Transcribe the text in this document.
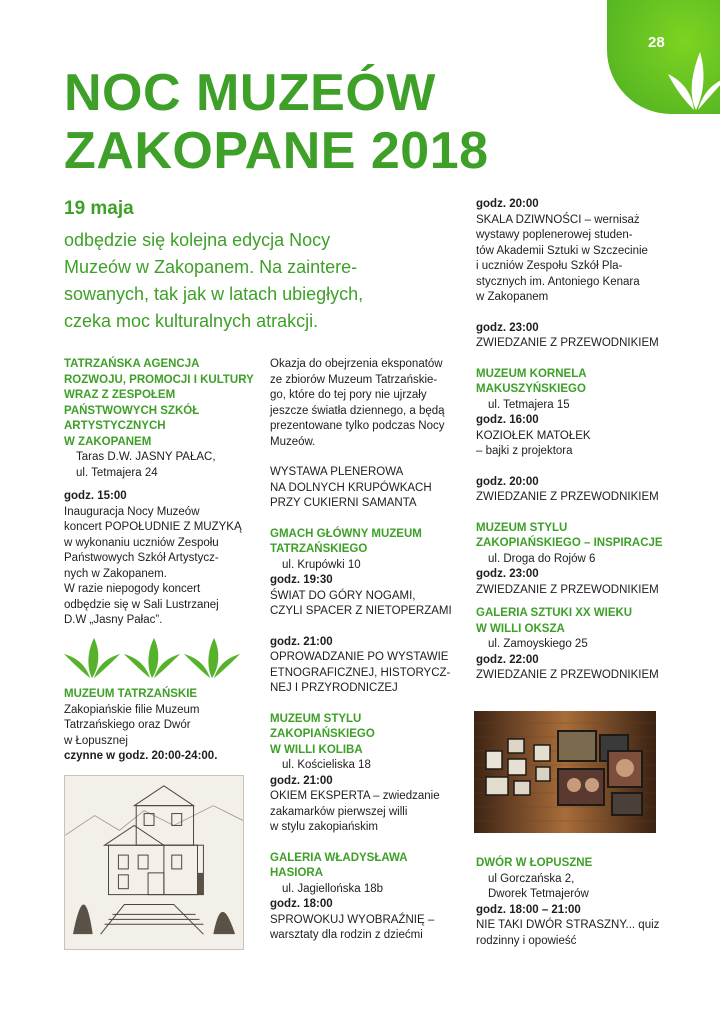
28
NOC MUZEÓW
ZAKOPANE 2018
19 maja
odbędzie się kolejna edycja Nocy
Muzeów w Zakopanem. Na zaintere-
sowanych, tak jak w latach ubiegłych,
czeka moc kulturalnych atrakcji.
TATRZAŃSKA AGENCJA
ROZWOJU, PROMOCJI I KULTURY
WRAZ Z ZESPOŁEM
PAŃSTWOWYCH SZKÓŁ
ARTYSTYCZNYCH
W ZAKOPANEM
Taras D.W. JASNY PAŁAC,
ul. Tetmajera 24
godz. 15:00
Inauguracja Nocy Muzeów
koncert POPOŁUDNIE Z MUZYKĄ
w wykonaniu uczniów Zespołu
Państwowych Szkół Artystycz-
nych w Zakopanem.
W razie niepogody koncert
odbędzie się w Sali Lustrzanej
D.W „Jasny Pałac”.
MUZEUM TATRZAŃSKIE
Zakopiańskie filie Muzeum
Tatrzańskiego oraz Dwór
w Łopusznej
czynne w godz. 20:00-24:00.
Okazja do obejrzenia eksponatów
ze zbiorów Muzeum Tatrzańskie-
go, które do tej pory nie ujrzały
jeszcze światła dziennego, a będą
prezentowane tylko podczas Nocy
Muzeów.
WYSTAWA PLENEROWA
NA DOLNYCH KRUPÓWKACH
PRZY CUKIERNI SAMANTA
GMACH GŁÓWNY MUZEUM
TATRZAŃSKIEGO
ul. Krupówki 10
godz. 19:30
ŚWIAT DO GÓRY NOGAMI,
CZYLI SPACER Z NIETOPERZAMI
godz. 21:00
OPROWADZANIE PO WYSTAWIE
ETNOGRAFICZNEJ, HISTORYCZ-
NEJ I PRZYRODNICZEJ
MUZEUM STYLU
ZAKOPIAŃSKIEGO
W WILLI KOLIBA
ul. Kościeliska 18
godz. 21:00
OKIEM EKSPERTA – zwiedzanie
zakamarków pierwszej willi
w stylu zakopiańskim
GALERIA WŁADYSŁAWA
HASIORA
ul. Jagiellońska 18b
godz. 18:00
SPROWOKUJ WYOBRAŹNIĘ –
warsztaty dla rodzin z dziećmi
godz. 20:00
SKALA DZIWNOŚCI – wernisaż
wystawy poplenerowej studen-
tów Akademii Sztuki w Szczecinie
i uczniów Zespołu Szkół Pla-
stycznych im. Antoniego Kenara
w Zakopanem
godz. 23:00
ZWIEDZANIE Z PRZEWODNIKIEM
MUZEUM KORNELA
MAKUSZYŃSKIEGO
ul. Tetmajera 15
godz. 16:00
KOZIOŁEK MATOŁEK
– bajki z projektora
godz. 20:00
ZWIEDZANIE Z PRZEWODNIKIEM
MUZEUM STYLU
ZAKOPIAŃSKIEGO – INSPIRACJE
ul. Droga do Rojów 6
godz. 23:00
ZWIEDZANIE Z PRZEWODNIKIEM
GALERIA SZTUKI XX WIEKU
W WILLI OKSZA
ul. Zamoyskiego 25
godz. 22:00
ZWIEDZANIE Z PRZEWODNIKIEM
DWÓR W ŁOPUSZNE
ul Gorczańska 2,
Dworek Tetmajerów
godz. 18:00 – 21:00
NIE TAKI DWÓR STRASZNY... quiz
rodzinny i opowieść
